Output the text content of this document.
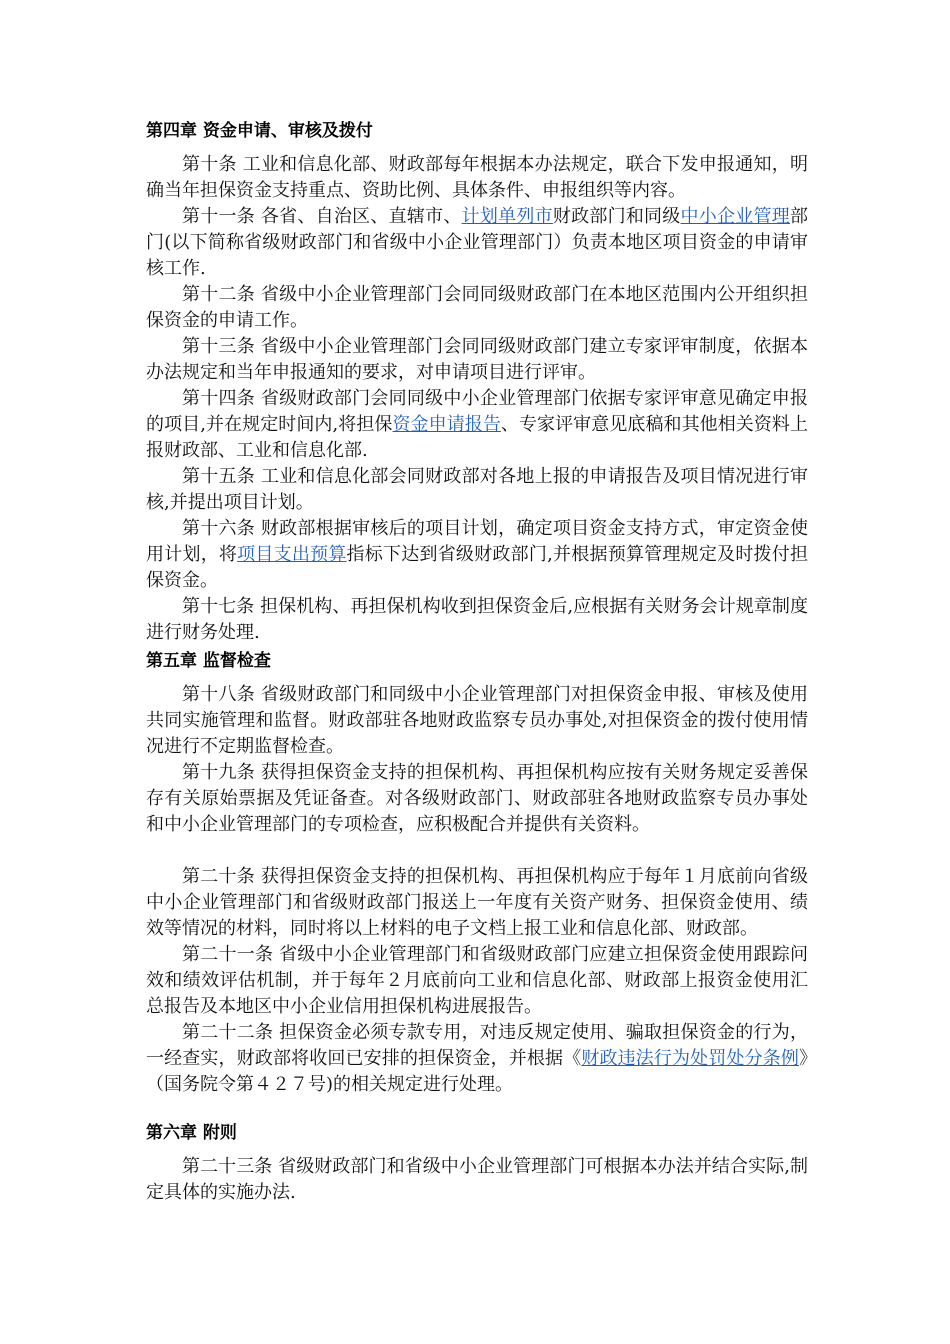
第四章 资金申请、审核及拨付

第十条 工业和信息化部、财政部每年根据本办法规定，联合下发申报通知，明确当年担保资金支持重点、资助比例、具体条件、申报组织等内容。

第十一条 各省、自治区、直辖市、计划单列市财政部门和同级中小企业管理部门(以下简称省级财政部门和省级中小企业管理部门）负责本地区项目资金的申请审核工作.

第十二条 省级中小企业管理部门会同同级财政部门在本地区范围内公开组织担保资金的申请工作。

第十三条 省级中小企业管理部门会同同级财政部门建立专家评审制度，依据本办法规定和当年申报通知的要求，对申请项目进行评审。

第十四条 省级财政部门会同同级中小企业管理部门依据专家评审意见确定申报的项目,并在规定时间内,将担保资金申请报告、专家评审意见底稿和其他相关资料上报财政部、工业和信息化部.

第十五条 工业和信息化部会同财政部对各地上报的申请报告及项目情况进行审核,并提出项目计划。

第十六条 财政部根据审核后的项目计划，确定项目资金支持方式，审定资金使用计划，将项目支出预算指标下达到省级财政部门,并根据预算管理规定及时拨付担保资金。

第十七条 担保机构、再担保机构收到担保资金后,应根据有关财务会计规章制度进行财务处理.

第五章 监督检查

第十八条 省级财政部门和同级中小企业管理部门对担保资金申报、审核及使用共同实施管理和监督。财政部驻各地财政监察专员办事处,对担保资金的拨付使用情况进行不定期监督检查。

第十九条 获得担保资金支持的担保机构、再担保机构应按有关财务规定妥善保存有关原始票据及凭证备查。对各级财政部门、财政部驻各地财政监察专员办事处和中小企业管理部门的专项检查，应积极配合并提供有关资料。

第二十条 获得担保资金支持的担保机构、再担保机构应于每年１月底前向省级中小企业管理部门和省级财政部门报送上一年度有关资产财务、担保资金使用、绩效等情况的材料，同时将以上材料的电子文档上报工业和信息化部、财政部。

第二十一条 省级中小企业管理部门和省级财政部门应建立担保资金使用跟踪问效和绩效评估机制，并于每年２月底前向工业和信息化部、财政部上报资金使用汇总报告及本地区中小企业信用担保机构进展报告。

第二十二条 担保资金必须专款专用，对违反规定使用、骗取担保资金的行为，一经查实，财政部将收回已安排的担保资金，并根据《财政违法行为处罚处分条例》（国务院令第４２７号)的相关规定进行处理。

第六章 附则

第二十三条 省级财政部门和省级中小企业管理部门可根据本办法并结合实际,制定具体的实施办法.
